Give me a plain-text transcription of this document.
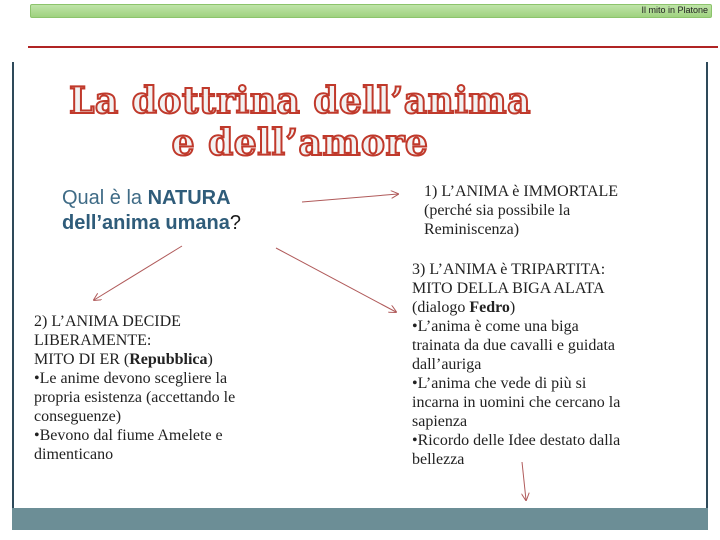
Il mito in Platone
La dottrina dell’anima
e dell’amore
Qual è la NATURA
dell’anima umana?
1) L’ANIMA è IMMORTALE
(perché sia possibile la
Reminiscenza)
2) L’ANIMA DECIDE
LIBERAMENTE:
MITO DI ER (Repubblica)
•Le anime devono scegliere la
propria esistenza (accettando le
conseguenze)
•Bevono dal fiume Amelete e
dimenticano
3) L’ANIMA è TRIPARTITA:
MITO DELLA BIGA ALATA
(dialogo Fedro)
•L’anima è come una biga
trainata da due cavalli e guidata
dall’auriga
•L’anima che vede di più si
incarna in uomini che cercano la
sapienza
•Ricordo delle Idee destato dalla
bellezza
